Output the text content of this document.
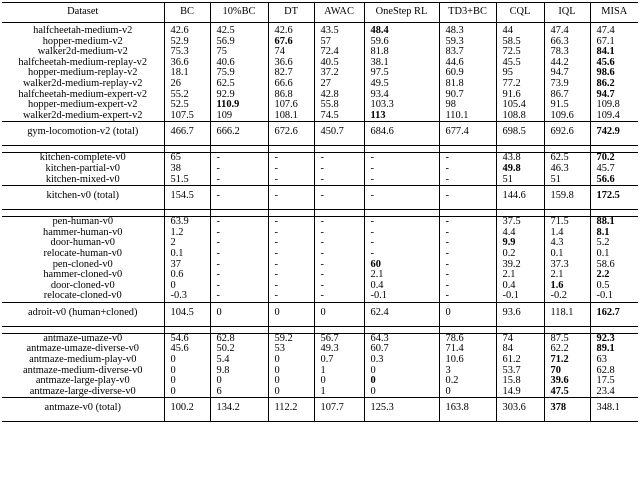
Dataset	BC	10%BC	DT	AWAC	OneStep RL	TD3+BC	CQL	IQL	MISA
halfcheetah-medium-v2	42.6	42.5	42.6	43.5	48.4	48.3	44	47.4	47.4
hopper-medium-v2	52.9	56.9	67.6	57	59.6	59.3	58.5	66.3	67.1
walker2d-medium-v2	75.3	75	74	72.4	81.8	83.7	72.5	78.3	84.1
halfcheetah-medium-replay-v2	36.6	40.6	36.6	40.5	38.1	44.6	45.5	44.2	45.6
hopper-medium-replay-v2	18.1	75.9	82.7	37.2	97.5	60.9	95	94.7	98.6
walker2d-medium-replay-v2	26	62.5	66.6	27	49.5	81.8	77.2	73.9	86.2
halfcheetah-medium-expert-v2	55.2	92.9	86.8	42.8	93.4	90.7	91.6	86.7	94.7
hopper-medium-expert-v2	52.5	110.9	107.6	55.8	103.3	98	105.4	91.5	109.8
walker2d-medium-expert-v2	107.5	109	108.1	74.5	113	110.1	108.8	109.6	109.4
gym-locomotion-v2 (total)	466.7	666.2	672.6	450.7	684.6	677.4	698.5	692.6	742.9

kitchen-complete-v0	65	-	-	-	-	-	43.8	62.5	70.2
kitchen-partial-v0	38	-	-	-	-	-	49.8	46.3	45.7
kitchen-mixed-v0	51.5	-	-	-	-	-	51	51	56.6
kitchen-v0 (total)	154.5	-	-	-	-	-	144.6	159.8	172.5

pen-human-v0	63.9	-	-	-	-	-	37.5	71.5	88.1
hammer-human-v0	1.2	-	-	-	-	-	4.4	1.4	8.1
door-human-v0	2	-	-	-	-	-	9.9	4.3	5.2
relocate-human-v0	0.1	-	-	-	-	-	0.2	0.1	0.1
pen-cloned-v0	37	-	-	-	60	-	39.2	37.3	58.6
hammer-cloned-v0	0.6	-	-	-	2.1	-	2.1	2.1	2.2
door-cloned-v0	0	-	-	-	0.4	-	0.4	1.6	0.5
relocate-cloned-v0	-0.3	-	-	-	-0.1	-	-0.1	-0.2	-0.1
adroit-v0 (human+cloned)	104.5	0	0	0	62.4	0	93.6	118.1	162.7

antmaze-umaze-v0	54.6	62.8	59.2	56.7	64.3	78.6	74	87.5	92.3
antmaze-umaze-diverse-v0	45.6	50.2	53	49.3	60.7	71.4	84	62.2	89.1
antmaze-medium-play-v0	0	5.4	0	0.7	0.3	10.6	61.2	71.2	63
antmaze-medium-diverse-v0	0	9.8	0	1	0	3	53.7	70	62.8
antmaze-large-play-v0	0	0	0	0	0	0.2	15.8	39.6	17.5
antmaze-large-diverse-v0	0	6	0	1	0	0	14.9	47.5	23.4
antmaze-v0 (total)	100.2	134.2	112.2	107.7	125.3	163.8	303.6	378	348.1
